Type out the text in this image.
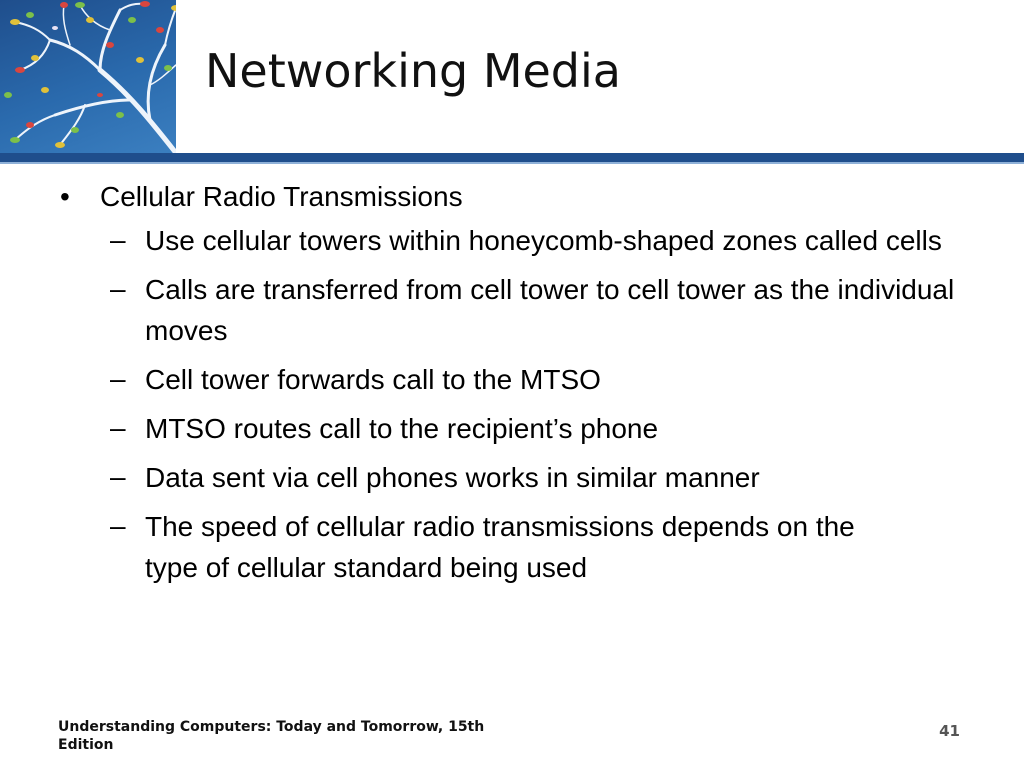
Networking Media
• Cellular Radio Transmissions
– Use cellular towers within honeycomb-shaped zones called cells
– Calls are transferred from cell tower to cell tower as the individual moves
– Cell tower forwards call to the MTSO
– MTSO routes call to the recipient’s phone
– Data sent via cell phones works in similar manner
– The speed of cellular radio transmissions depends on the
type of cellular standard being used
Understanding Computers: Today and Tomorrow, 15th Edition
41
